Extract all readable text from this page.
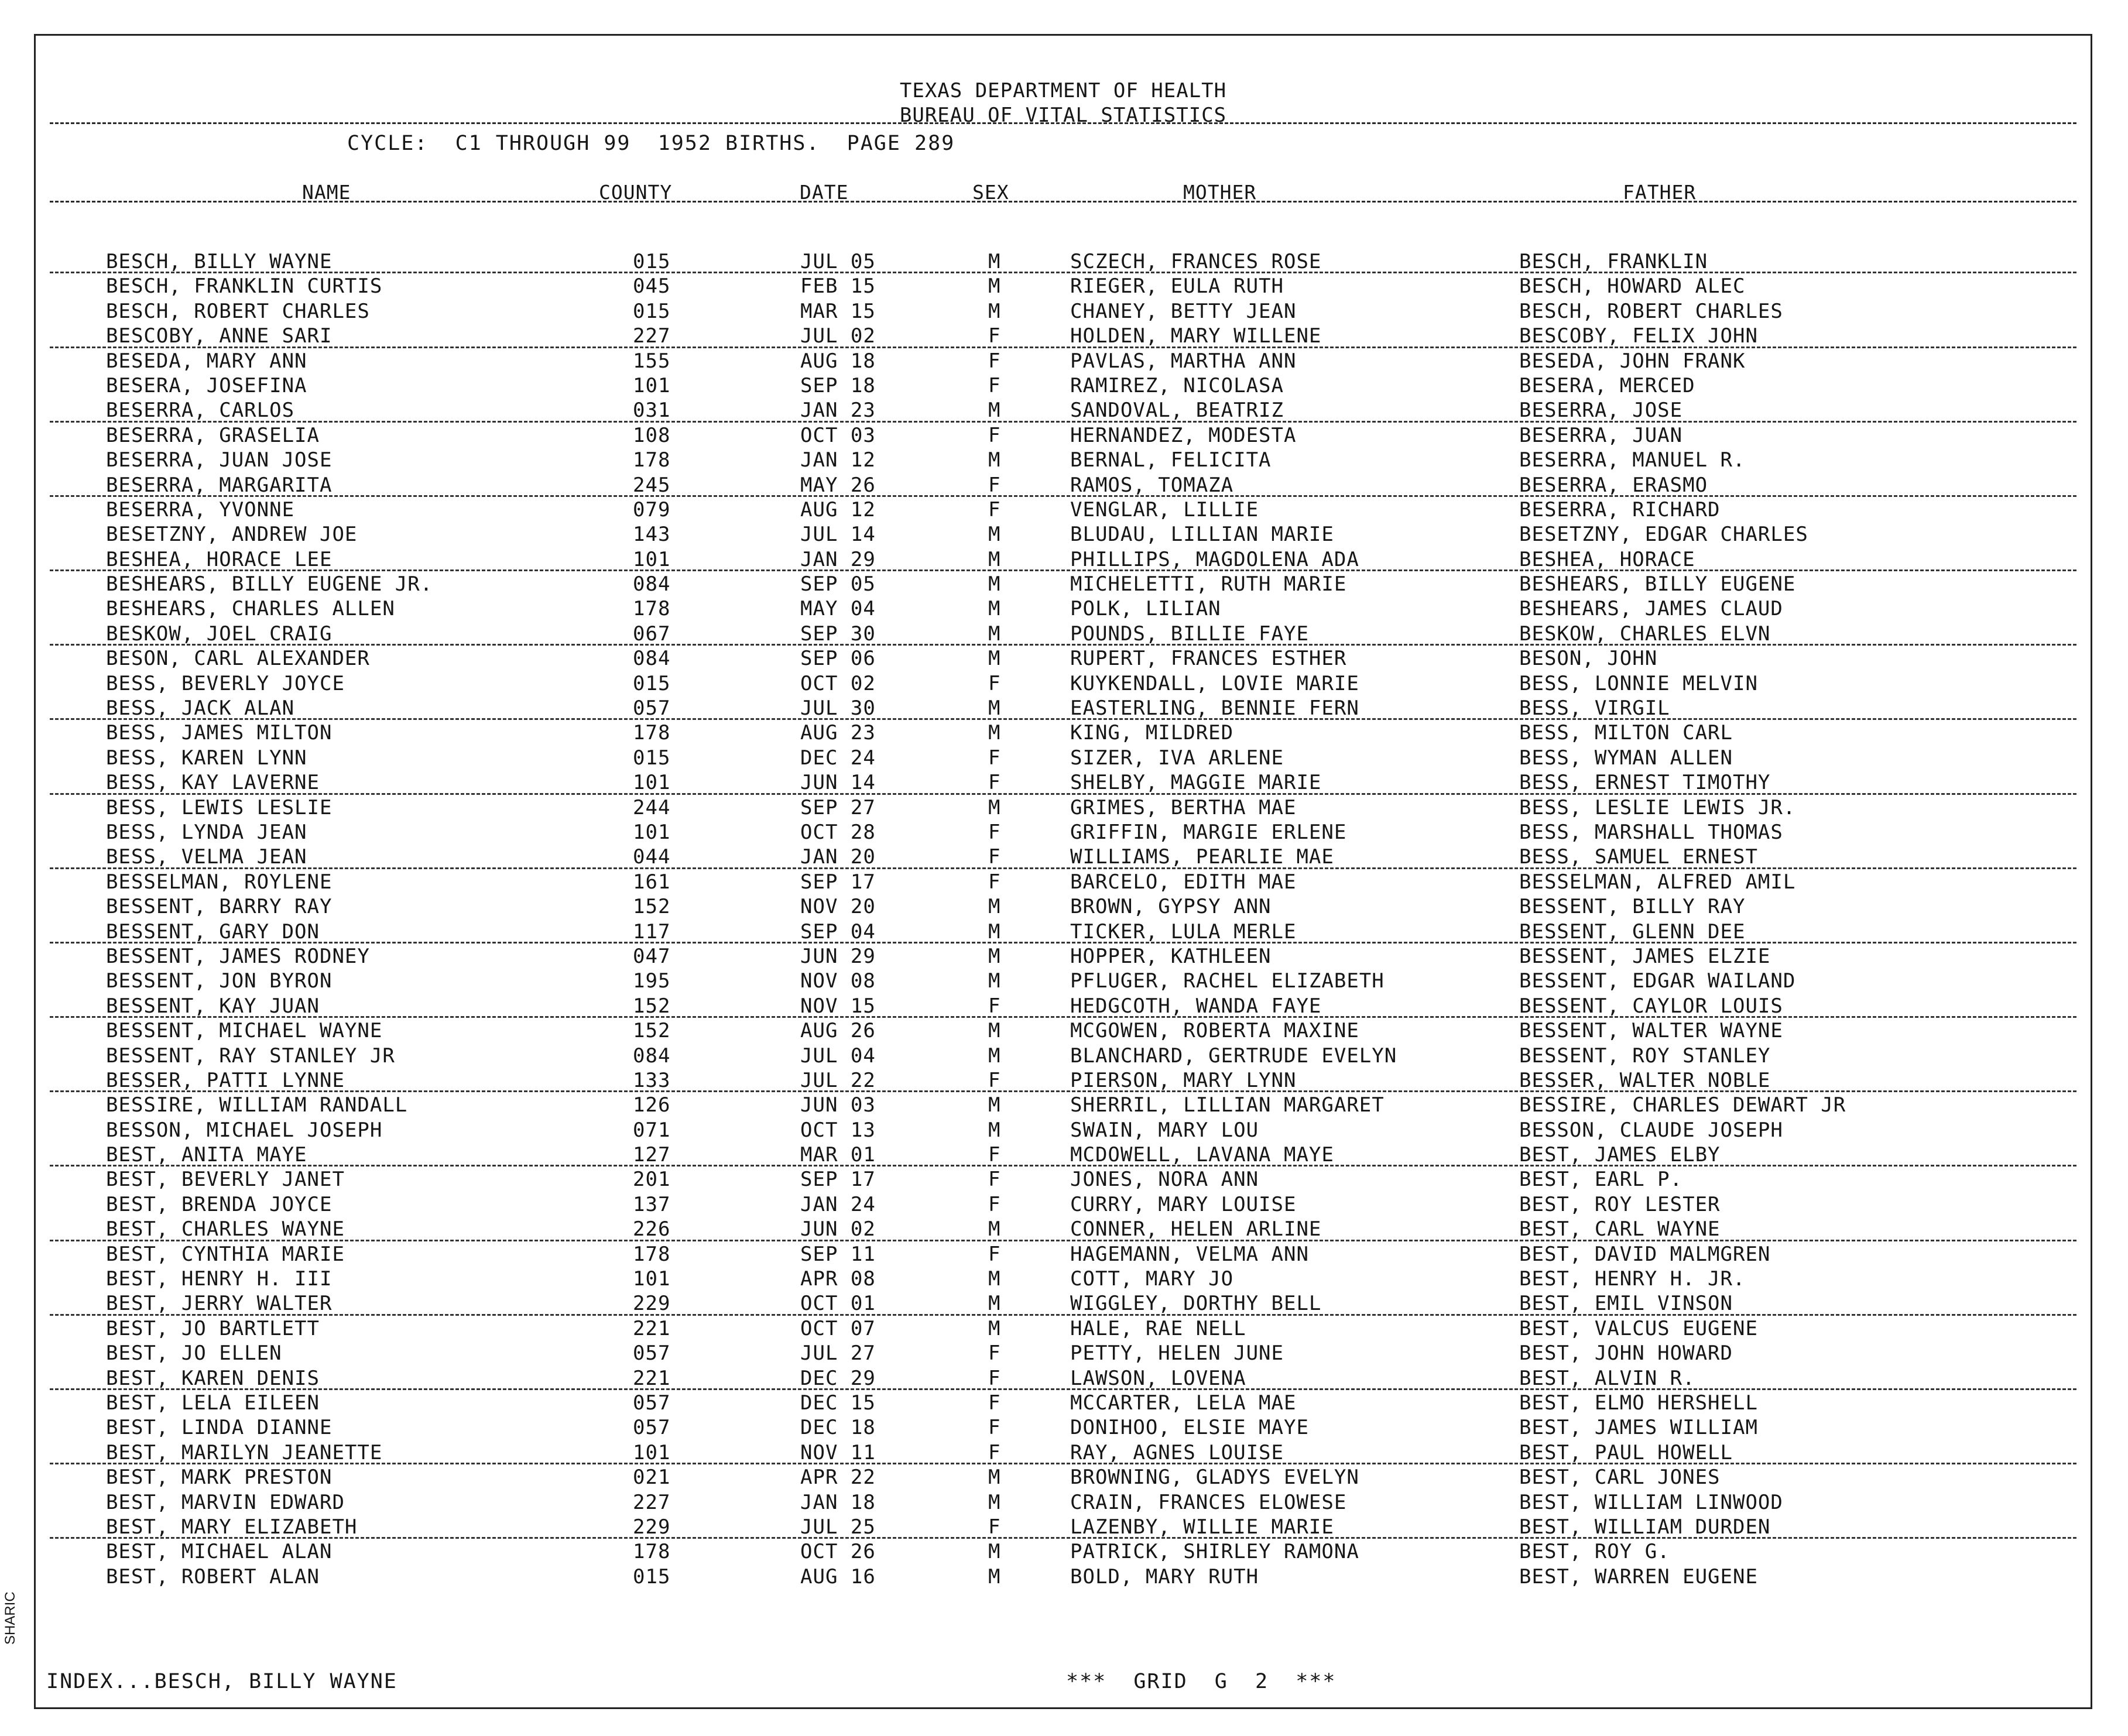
SHARIC
TEXAS DEPARTMENT OF HEALTH
BUREAU OF VITAL STATISTICS
CYCLE:  C1 THROUGH 99  1952 BIRTHS.  PAGE 289
NAME	COUNTY	DATE	SEX	MOTHER	FATHER
BESCH, BILLY WAYNE	015	JUL 05	M	SCZECH, FRANCES ROSE	BESCH, FRANKLIN
BESCH, FRANKLIN CURTIS	045	FEB 15	M	RIEGER, EULA RUTH	BESCH, HOWARD ALEC
BESCH, ROBERT CHARLES	015	MAR 15	M	CHANEY, BETTY JEAN	BESCH, ROBERT CHARLES
BESCOBY, ANNE SARI	227	JUL 02	F	HOLDEN, MARY WILLENE	BESCOBY, FELIX JOHN
BESEDA, MARY ANN	155	AUG 18	F	PAVLAS, MARTHA ANN	BESEDA, JOHN FRANK
BESERA, JOSEFINA	101	SEP 18	F	RAMIREZ, NICOLASA	BESERA, MERCED
BESERRA, CARLOS	031	JAN 23	M	SANDOVAL, BEATRIZ	BESERRA, JOSE
BESERRA, GRASELIA	108	OCT 03	F	HERNANDEZ, MODESTA	BESERRA, JUAN
BESERRA, JUAN JOSE	178	JAN 12	M	BERNAL, FELICITA	BESERRA, MANUEL R.
BESERRA, MARGARITA	245	MAY 26	F	RAMOS, TOMAZA	BESERRA, ERASMO
BESERRA, YVONNE	079	AUG 12	F	VENGLAR, LILLIE	BESERRA, RICHARD
BESETZNY, ANDREW JOE	143	JUL 14	M	BLUDAU, LILLIAN MARIE	BESETZNY, EDGAR CHARLES
BESHEA, HORACE LEE	101	JAN 29	M	PHILLIPS, MAGDOLENA ADA	BESHEA, HORACE
BESHEARS, BILLY EUGENE JR.	084	SEP 05	M	MICHELETTI, RUTH MARIE	BESHEARS, BILLY EUGENE
BESHEARS, CHARLES ALLEN	178	MAY 04	M	POLK, LILIAN	BESHEARS, JAMES CLAUD
BESKOW, JOEL CRAIG	067	SEP 30	M	POUNDS, BILLIE FAYE	BESKOW, CHARLES ELVN
BESON, CARL ALEXANDER	084	SEP 06	M	RUPERT, FRANCES ESTHER	BESON, JOHN
BESS, BEVERLY JOYCE	015	OCT 02	F	KUYKENDALL, LOVIE MARIE	BESS, LONNIE MELVIN
BESS, JACK ALAN	057	JUL 30	M	EASTERLING, BENNIE FERN	BESS, VIRGIL
BESS, JAMES MILTON	178	AUG 23	M	KING, MILDRED	BESS, MILTON CARL
BESS, KAREN LYNN	015	DEC 24	F	SIZER, IVA ARLENE	BESS, WYMAN ALLEN
BESS, KAY LAVERNE	101	JUN 14	F	SHELBY, MAGGIE MARIE	BESS, ERNEST TIMOTHY
BESS, LEWIS LESLIE	244	SEP 27	M	GRIMES, BERTHA MAE	BESS, LESLIE LEWIS JR.
BESS, LYNDA JEAN	101	OCT 28	F	GRIFFIN, MARGIE ERLENE	BESS, MARSHALL THOMAS
BESS, VELMA JEAN	044	JAN 20	F	WILLIAMS, PEARLIE MAE	BESS, SAMUEL ERNEST
BESSELMAN, ROYLENE	161	SEP 17	F	BARCELO, EDITH MAE	BESSELMAN, ALFRED AMIL
BESSENT, BARRY RAY	152	NOV 20	M	BROWN, GYPSY ANN	BESSENT, BILLY RAY
BESSENT, GARY DON	117	SEP 04	M	TICKER, LULA MERLE	BESSENT, GLENN DEE
BESSENT, JAMES RODNEY	047	JUN 29	M	HOPPER, KATHLEEN	BESSENT, JAMES ELZIE
BESSENT, JON BYRON	195	NOV 08	M	PFLUGER, RACHEL ELIZABETH	BESSENT, EDGAR WAILAND
BESSENT, KAY JUAN	152	NOV 15	F	HEDGCOTH, WANDA FAYE	BESSENT, CAYLOR LOUIS
BESSENT, MICHAEL WAYNE	152	AUG 26	M	MCGOWEN, ROBERTA MAXINE	BESSENT, WALTER WAYNE
BESSENT, RAY STANLEY JR	084	JUL 04	M	BLANCHARD, GERTRUDE EVELYN	BESSENT, ROY STANLEY
BESSER, PATTI LYNNE	133	JUL 22	F	PIERSON, MARY LYNN	BESSER, WALTER NOBLE
BESSIRE, WILLIAM RANDALL	126	JUN 03	M	SHERRIL, LILLIAN MARGARET	BESSIRE, CHARLES DEWART JR
BESSON, MICHAEL JOSEPH	071	OCT 13	M	SWAIN, MARY LOU	BESSON, CLAUDE JOSEPH
BEST, ANITA MAYE	127	MAR 01	F	MCDOWELL, LAVANA MAYE	BEST, JAMES ELBY
BEST, BEVERLY JANET	201	SEP 17	F	JONES, NORA ANN	BEST, EARL P.
BEST, BRENDA JOYCE	137	JAN 24	F	CURRY, MARY LOUISE	BEST, ROY LESTER
BEST, CHARLES WAYNE	226	JUN 02	M	CONNER, HELEN ARLINE	BEST, CARL WAYNE
BEST, CYNTHIA MARIE	178	SEP 11	F	HAGEMANN, VELMA ANN	BEST, DAVID MALMGREN
BEST, HENRY H. III	101	APR 08	M	COTT, MARY JO	BEST, HENRY H. JR.
BEST, JERRY WALTER	229	OCT 01	M	WIGGLEY, DORTHY BELL	BEST, EMIL VINSON
BEST, JO BARTLETT	221	OCT 07	M	HALE, RAE NELL	BEST, VALCUS EUGENE
BEST, JO ELLEN	057	JUL 27	F	PETTY, HELEN JUNE	BEST, JOHN HOWARD
BEST, KAREN DENIS	221	DEC 29	F	LAWSON, LOVENA	BEST, ALVIN R.
BEST, LELA EILEEN	057	DEC 15	F	MCCARTER, LELA MAE	BEST, ELMO HERSHELL
BEST, LINDA DIANNE	057	DEC 18	F	DONIHOO, ELSIE MAYE	BEST, JAMES WILLIAM
BEST, MARILYN JEANETTE	101	NOV 11	F	RAY, AGNES LOUISE	BEST, PAUL HOWELL
BEST, MARK PRESTON	021	APR 22	M	BROWNING, GLADYS EVELYN	BEST, CARL JONES
BEST, MARVIN EDWARD	227	JAN 18	M	CRAIN, FRANCES ELOWESE	BEST, WILLIAM LINWOOD
BEST, MARY ELIZABETH	229	JUL 25	F	LAZENBY, WILLIE MARIE	BEST, WILLIAM DURDEN
BEST, MICHAEL ALAN	178	OCT 26	M	PATRICK, SHIRLEY RAMONA	BEST, ROY G.
BEST, ROBERT ALAN	015	AUG 16	M	BOLD, MARY RUTH	BEST, WARREN EUGENE
INDEX...BESCH, BILLY WAYNE	***  GRID  G  2  ***
